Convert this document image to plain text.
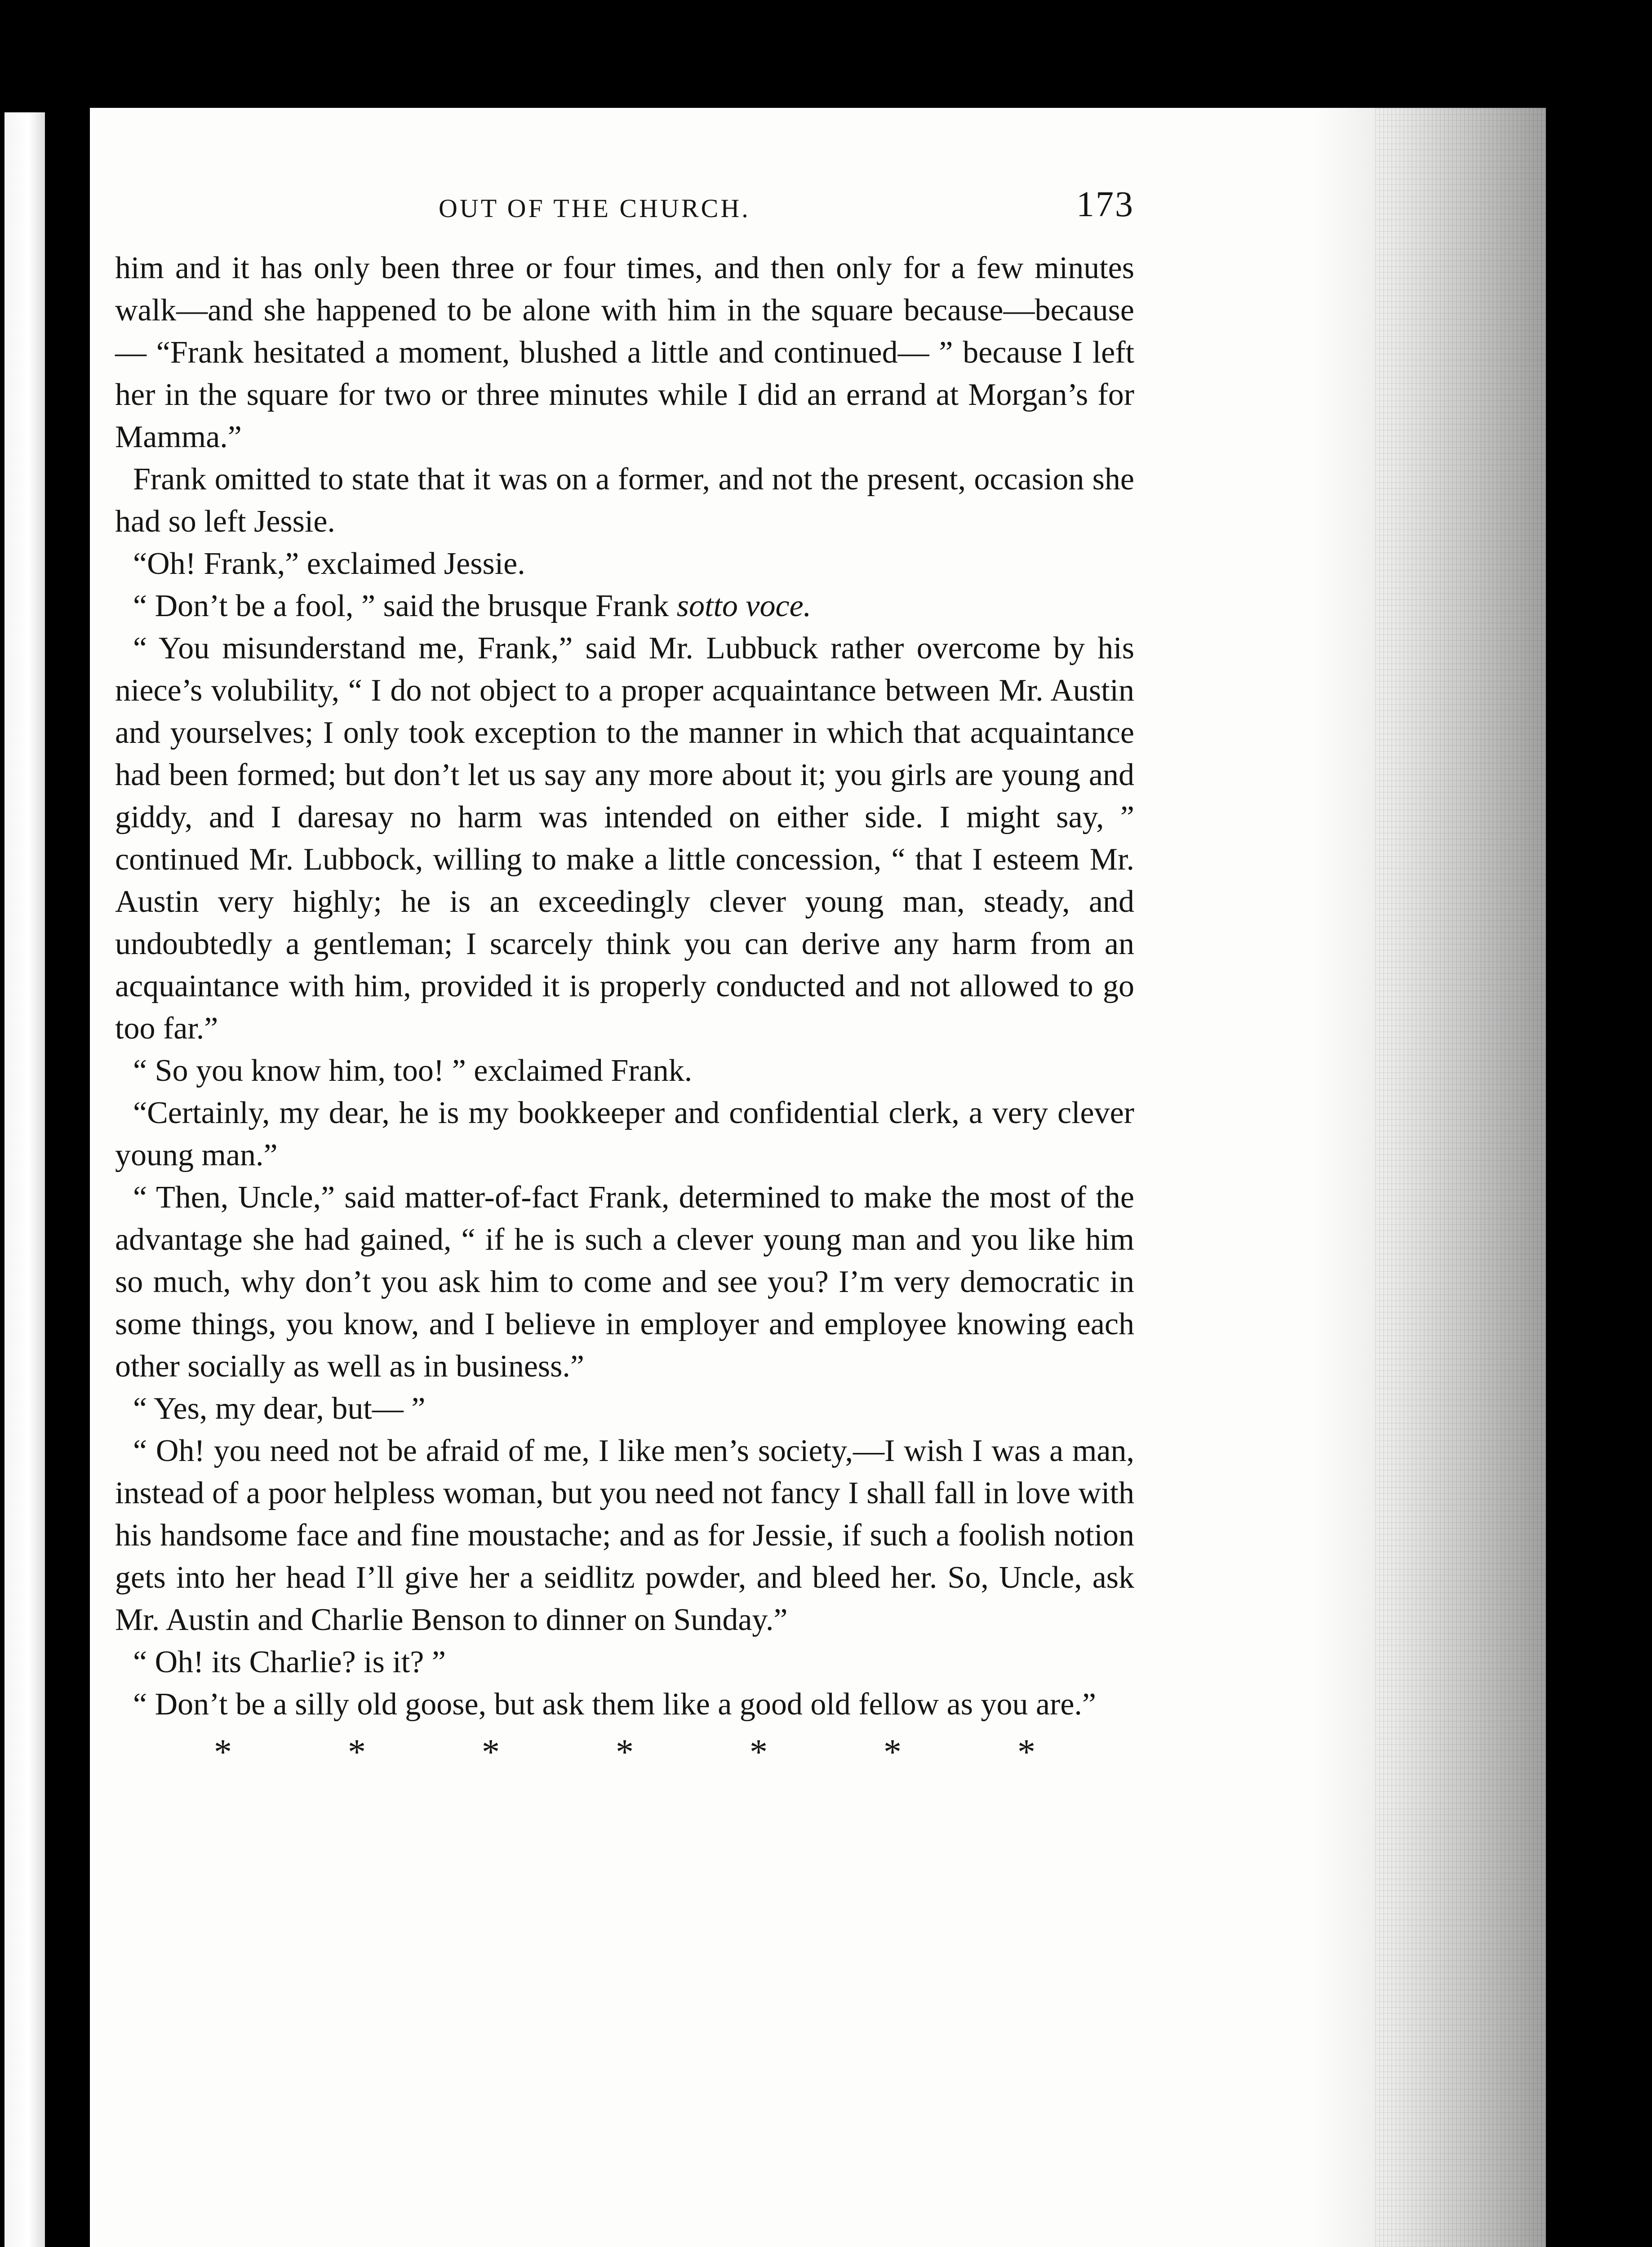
OUT OF THE CHURCH.	173

him and it has only been three or four times, and then only for a few minutes walk—and she happened to be alone with him in the square because—because— “Frank hesitated a moment, blushed a little and continued— ” because I left her in the square for two or three minutes while I did an errand at Morgan’s for Mamma.”

Frank omitted to state that it was on a former, and not the present, occasion she had so left Jessie.

“Oh! Frank,” exclaimed Jessie.

“ Don’t be a fool, ” said the brusque Frank sotto voce.

“ You misunderstand me, Frank,” said Mr. Lubbuck rather overcome by his niece’s volubility, “ I do not object to a proper acquaintance between Mr. Austin and yourselves; I only took exception to the manner in which that acquaintance had been formed; but don’t let us say any more about it; you girls are young and giddy, and I daresay no harm was intended on either side. I might say, ” continued Mr. Lubbock, willing to make a little concession, “ that I esteem Mr. Austin very highly; he is an exceedingly clever young man, steady, and undoubtedly a gentleman; I scarcely think you can derive any harm from an acquaintance with him, provided it is properly conducted and not allowed to go too far.”

“ So you know him, too! ” exclaimed Frank.

“Certainly, my dear, he is my bookkeeper and confidential clerk, a very clever young man.”

“ Then, Uncle,” said matter-of-fact Frank, determined to make the most of the advantage she had gained, “ if he is such a clever young man and you like him so much, why don’t you ask him to come and see you? I’m very democratic in some things, you know, and I believe in employer and employee knowing each other socially as well as in business.”

“ Yes, my dear, but— ”

“ Oh! you need not be afraid of me, I like men’s society,—I wish I was a man, instead of a poor helpless woman, but you need not fancy I shall fall in love with his handsome face and fine moustache; and as for Jessie, if such a foolish notion gets into her head I’ll give her a seidlitz powder, and bleed her. So, Uncle, ask Mr. Austin and Charlie Benson to dinner on Sunday.”

“ Oh! its Charlie? is it? ”

“ Don’t be a silly old goose, but ask them like a good old fellow as you are.”

*	*	*	*	*	*	*
